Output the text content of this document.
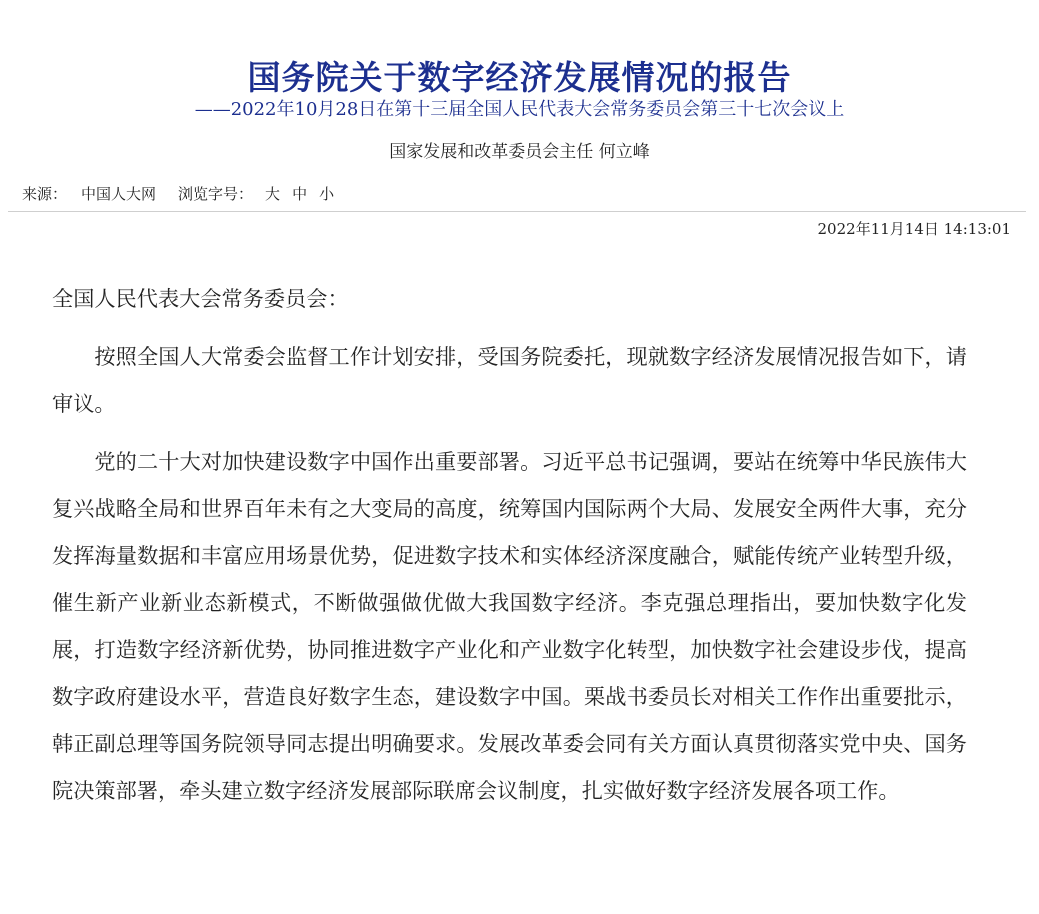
国务院关于数字经济发展情况的报告
——2022年10月28日在第十三届全国人民代表大会常务委员会第三十七次会议上
国家发展和改革委员会主任 何立峰
来源： 中国人大网 浏览字号： 大 中 小
2022年11月14日 14:13:01

全国人民代表大会常务委员会：

按照全国人大常委会监督工作计划安排，受国务院委托，现就数字经济发展情况报告如下，请审议。

党的二十大对加快建设数字中国作出重要部署。习近平总书记强调，要站在统筹中华民族伟大复兴战略全局和世界百年未有之大变局的高度，统筹国内国际两个大局、发展安全两件大事，充分发挥海量数据和丰富应用场景优势，促进数字技术和实体经济深度融合，赋能传统产业转型升级，催生新产业新业态新模式，不断做强做优做大我国数字经济。李克强总理指出，要加快数字化发展，打造数字经济新优势，协同推进数字产业化和产业数字化转型，加快数字社会建设步伐，提高数字政府建设水平，营造良好数字生态，建设数字中国。栗战书委员长对相关工作作出重要批示，韩正副总理等国务院领导同志提出明确要求。发展改革委会同有关方面认真贯彻落实党中央、国务院决策部署，牵头建立数字经济发展部际联席会议制度，扎实做好数字经济发展各项工作。
